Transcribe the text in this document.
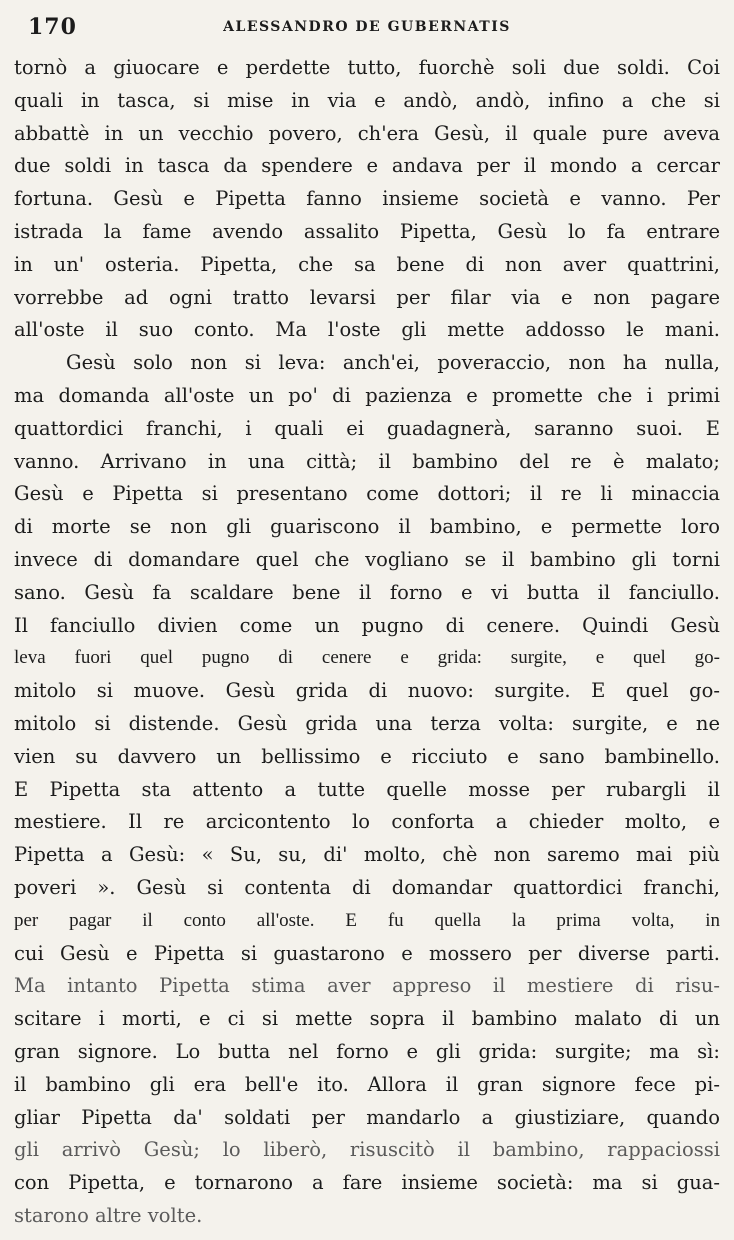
170	ALESSANDRO DE GUBERNATIS
tornò a giuocare e perdette tutto, fuorchè soli due soldi. Coi
quali in tasca, si mise in via e andò, andò, infino a che si
abbattè in un vecchio povero, ch'era Gesù, il quale pure aveva
due soldi in tasca da spendere e andava per il mondo a cercar
fortuna. Gesù e Pipetta fanno insieme società e vanno. Per
istrada la fame avendo assalito Pipetta, Gesù lo fa entrare
in un' osteria. Pipetta, che sa bene di non aver quattrini,
vorrebbe ad ogni tratto levarsi per filar via e non pagare
all'oste il suo conto. Ma l'oste gli mette addosso le mani.
Gesù solo non si leva: anch'ei, poveraccio, non ha nulla,
ma domanda all'oste un po' di pazienza e promette che i primi
quattordici franchi, i quali ei guadagnerà, saranno suoi. E
vanno. Arrivano in una città; il bambino del re è malato;
Gesù e Pipetta si presentano come dottori; il re li minaccia
di morte se non gli guariscono il bambino, e permette loro
invece di domandare quel che vogliano se il bambino gli torni
sano. Gesù fa scaldare bene il forno e vi butta il fanciullo.
Il fanciullo divien come un pugno di cenere. Quindi Gesù
leva fuori quel pugno di cenere e grida: surgite, e quel go-
mitolo si muove. Gesù grida di nuovo: surgite. E quel go-
mitolo si distende. Gesù grida una terza volta: surgite, e ne
vien su davvero un bellissimo e ricciuto e sano bambinello.
E Pipetta sta attento a tutte quelle mosse per rubargli il
mestiere. Il re arcicontento lo conforta a chieder molto, e
Pipetta a Gesù: « Su, su, di' molto, chè non saremo mai più
poveri ». Gesù si contenta di domandar quattordici franchi,
per pagar il conto all'oste. E fu quella la prima volta, in
cui Gesù e Pipetta si guastarono e mossero per diverse parti.
Ma intanto Pipetta stima aver appreso il mestiere di risu-
scitare i morti, e ci si mette sopra il bambino malato di un
gran signore. Lo butta nel forno e gli grida: surgite; ma sì:
il bambino gli era bell'e ito. Allora il gran signore fece pi-
gliar Pipetta da' soldati per mandarlo a giustiziare, quando
gli arrivò Gesù; lo liberò, risuscitò il bambino, rappaciossi
con Pipetta, e tornarono a fare insieme società: ma si gua-
starono altre volte.
